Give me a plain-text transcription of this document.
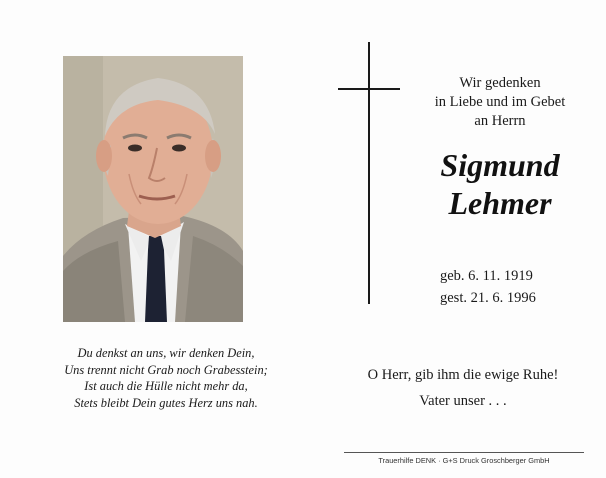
Du denkst an uns, wir denken Dein,
Uns trennt nicht Grab noch Grabesstein;
Ist auch die Hülle nicht mehr da,
Stets bleibt Dein gutes Herz uns nah.
Wir gedenken
in Liebe und im Gebet
an Herrn
Sigmund
Lehmer
geb. 6. 11. 1919
gest. 21. 6. 1996
O Herr, gib ihm die ewige Ruhe!
Vater unser . . .
Trauerhilfe DENK · G+S Druck Groschberger GmbH
